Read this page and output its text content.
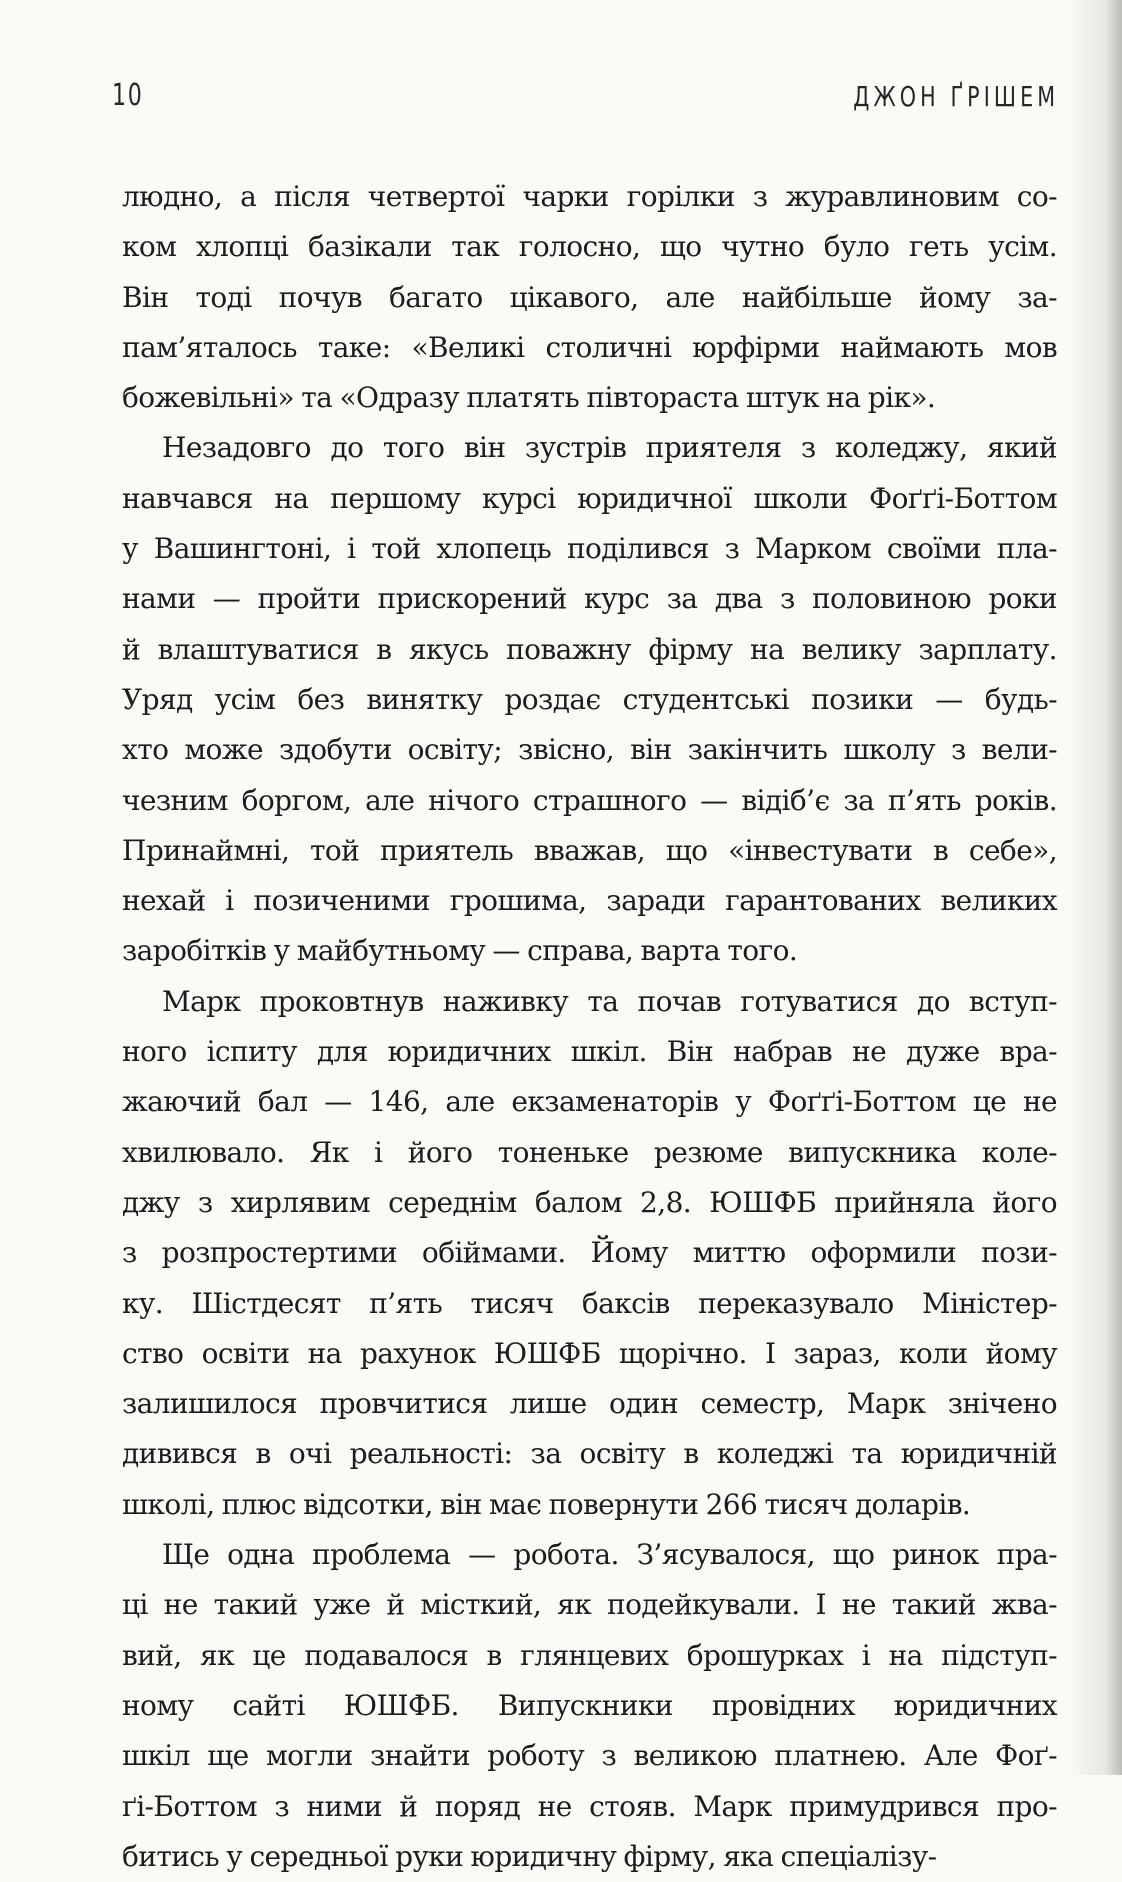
10	ДЖОН ҐРІШЕМ
людно, а після четвертої чарки горілки з журавлиновим со-
ком хлопці базікали так голосно, що чутно було геть усім.
Він тоді почув багато цікавого, але найбільше йому за-
пам’яталось таке: «Великі столичні юрфірми наймають мов
божевільні» та «Одразу платять півтораста штук на рік».
Незадовго до того він зустрів приятеля з коледжу, який
навчався на першому курсі юридичної школи Фоґґі-Боттом
у Вашингтоні, і той хлопець поділився з Марком своїми пла-
нами — пройти прискорений курс за два з половиною роки
й влаштуватися в якусь поважну фірму на велику зарплату.
Уряд усім без винятку роздає студентські позики — будь-
хто може здобути освіту; звісно, він закінчить школу з вели-
чезним боргом, але нічого страшного — відіб’є за п’ять років.
Принаймні, той приятель вважав, що «інвестувати в себе»,
нехай і позиченими грошима, заради гарантованих великих
заробітків у майбутньому — справа, варта того.
Марк проковтнув наживку та почав готуватися до вступ-
ного іспиту для юридичних шкіл. Він набрав не дуже вра-
жаючий бал — 146, але екзаменаторів у Фоґґі-Боттом це не
хвилювало. Як і його тоненьке резюме випускника коле-
джу з хирлявим середнім балом 2,8. ЮШФБ прийняла його
з розпростертими обіймами. Йому миттю оформили пози-
ку. Шістдесят п’ять тисяч баксів переказувало Міністер-
ство освіти на рахунок ЮШФБ щорічно. І зараз, коли йому
залишилося провчитися лише один семестр, Марк знічено
дивився в очі реальності: за освіту в коледжі та юридичній
школі, плюс відсотки, він має повернути 266 тисяч доларів.
Ще одна проблема — робота. З’ясувалося, що ринок пра-
ці не такий уже й місткий, як подейкували. І не такий жва-
вий, як це подавалося в глянцевих брошурках і на підступ-
ному сайті ЮШФБ. Випускники провідних юридичних
шкіл ще могли знайти роботу з великою платнею. Але Фоґ-
ґі-Боттом з ними й поряд не стояв. Марк примудрився про-
битись у середньої руки юридичну фірму, яка спеціалізу-
